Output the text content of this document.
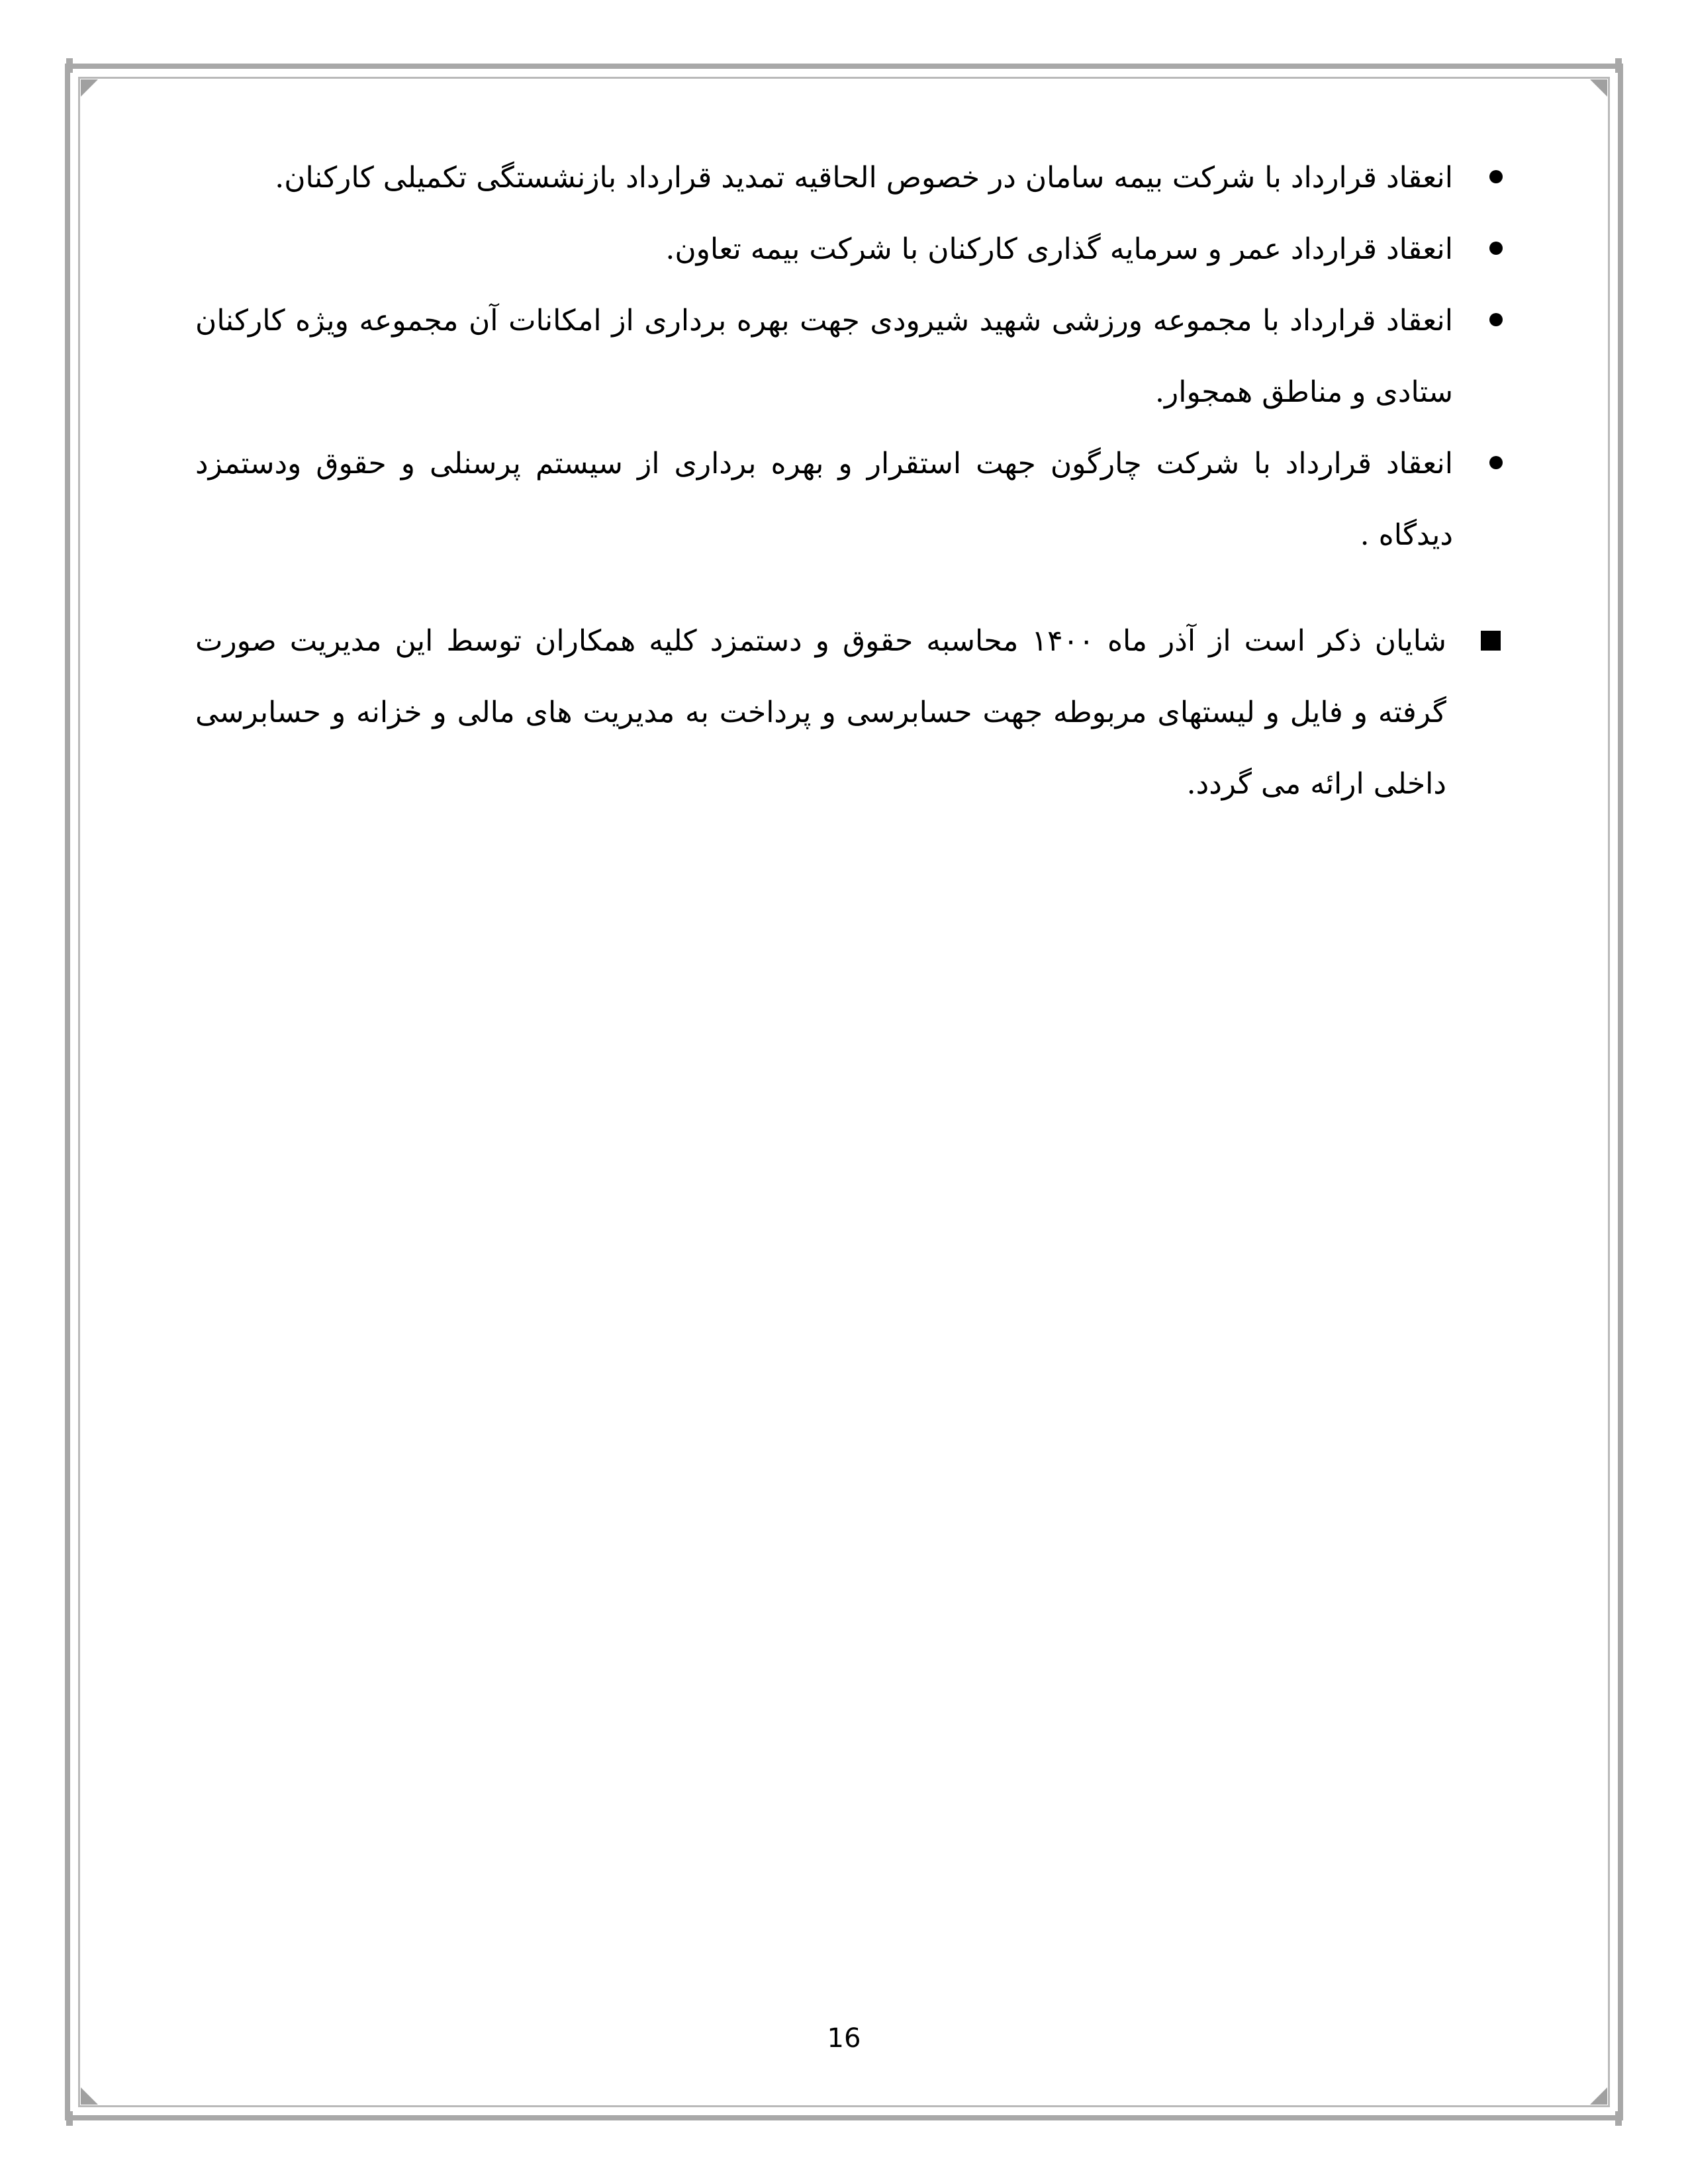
انعقاد قرارداد با شرکت بیمه سامان در خصوص الحاقیه تمدید قرارداد بازنشستگی تکمیلی کارکنان.
انعقاد قرارداد عمر و سرمایه گذاری کارکنان با شرکت بیمه تعاون.
انعقاد قرارداد با مجموعه ورزشی شهید شیرودی جهت بهره برداری از امکانات آن مجموعه ویژه کارکنان ستادی و مناطق همجوار.
انعقاد قرارداد با شرکت چارگون جهت استقرار و بهره برداری از سیستم پرسنلی و حقوق ودستمزد دیدگاه .
شایان ذکر است از آذر ماه ۱۴۰۰ محاسبه حقوق و دستمزد کلیه همکاران توسط این مدیریت صورت گرفته و فایل و لیستهای مربوطه جهت حسابرسی و پرداخت به مدیریت های مالی و خزانه و حسابرسی داخلی ارائه می گردد.
16
